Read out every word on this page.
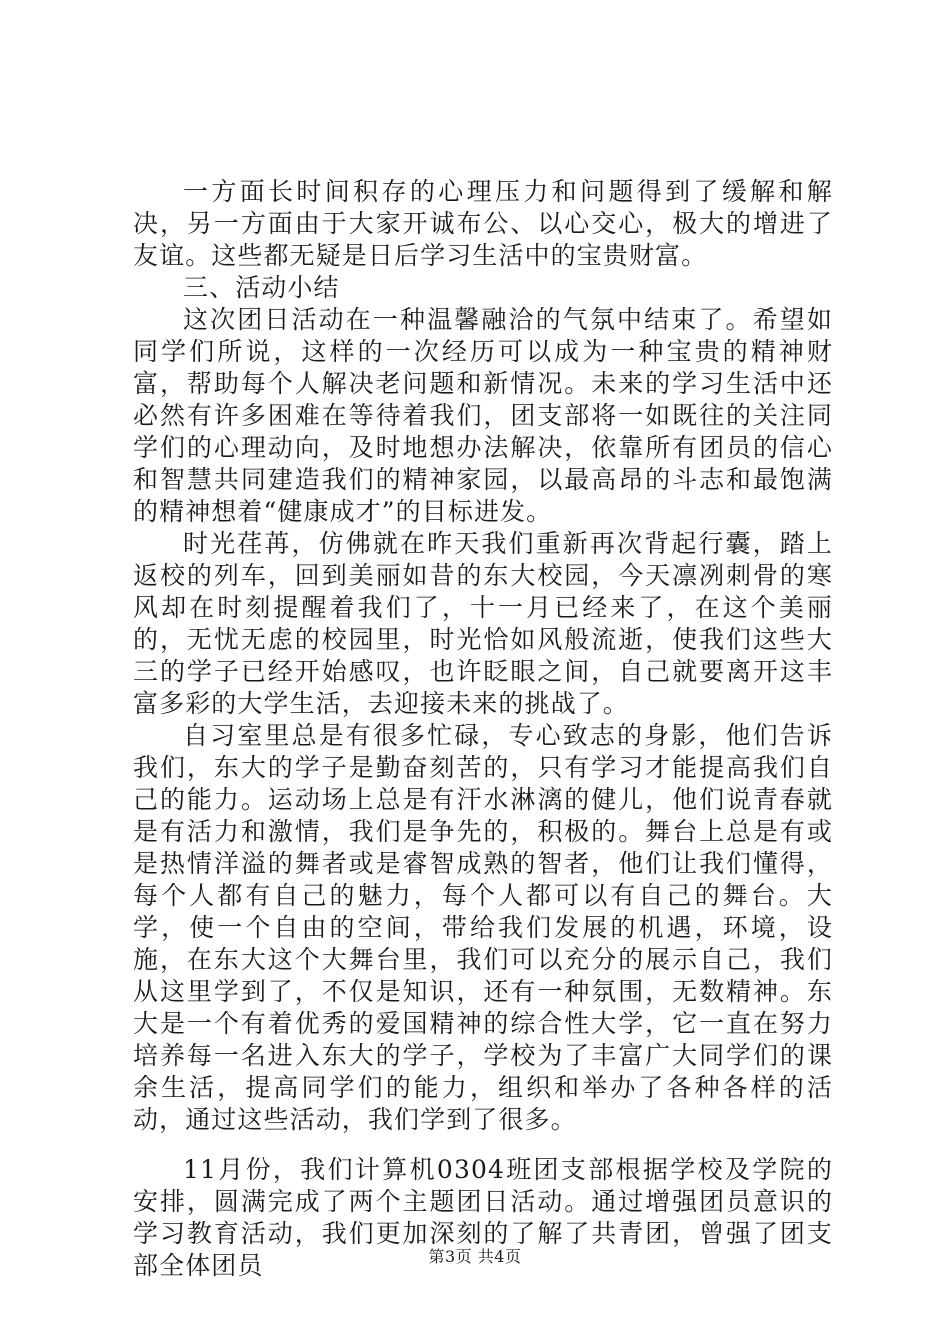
一方面长时间积存的心理压力和问题得到了缓解和解决，另一方面由于大家开诚布公、以心交心，极大的增进了友谊。这些都无疑是日后学习生活中的宝贵财富。

三、活动小结

这次团日活动在一种温馨融洽的气氛中结束了。希望如同学们所说，这样的一次经历可以成为一种宝贵的精神财富，帮助每个人解决老问题和新情况。未来的学习生活中还必然有许多困难在等待着我们，团支部将一如既往的关注同学们的心理动向，及时地想办法解决，依靠所有团员的信心和智慧共同建造我们的精神家园，以最高昂的斗志和最饱满的精神想着“健康成才”的目标进发。

时光荏苒，仿佛就在昨天我们重新再次背起行囊，踏上返校的列车，回到美丽如昔的东大校园，今天凛冽刺骨的寒风却在时刻提醒着我们了，十一月已经来了，在这个美丽的，无忧无虑的校园里，时光恰如风般流逝，使我们这些大三的学子已经开始感叹，也许眨眼之间，自己就要离开这丰富多彩的大学生活，去迎接未来的挑战了。

自习室里总是有很多忙碌，专心致志的身影，他们告诉我们，东大的学子是勤奋刻苦的，只有学习才能提高我们自己的能力。运动场上总是有汗水淋漓的健儿，他们说青春就是有活力和激情，我们是争先的，积极的。舞台上总是有或是热情洋溢的舞者或是睿智成熟的智者，他们让我们懂得，每个人都有自己的魅力，每个人都可以有自己的舞台。大学，使一个自由的空间，带给我们发展的机遇，环境，设施，在东大这个大舞台里，我们可以充分的展示自己，我们从这里学到了，不仅是知识，还有一种氛围，无数精神。东大是一个有着优秀的爱国精神的综合性大学，它一直在努力培养每一名进入东大的学子，学校为了丰富广大同学们的课余生活，提高同学们的能力，组织和举办了各种各样的活动，通过这些活动，我们学到了很多。

11月份，我们计算机0304班团支部根据学校及学院的安排，圆满完成了两个主题团日活动。通过增强团员意识的学习教育活动，我们更加深刻的了解了共青团，曾强了团支部全体团员	第3页 共4页
